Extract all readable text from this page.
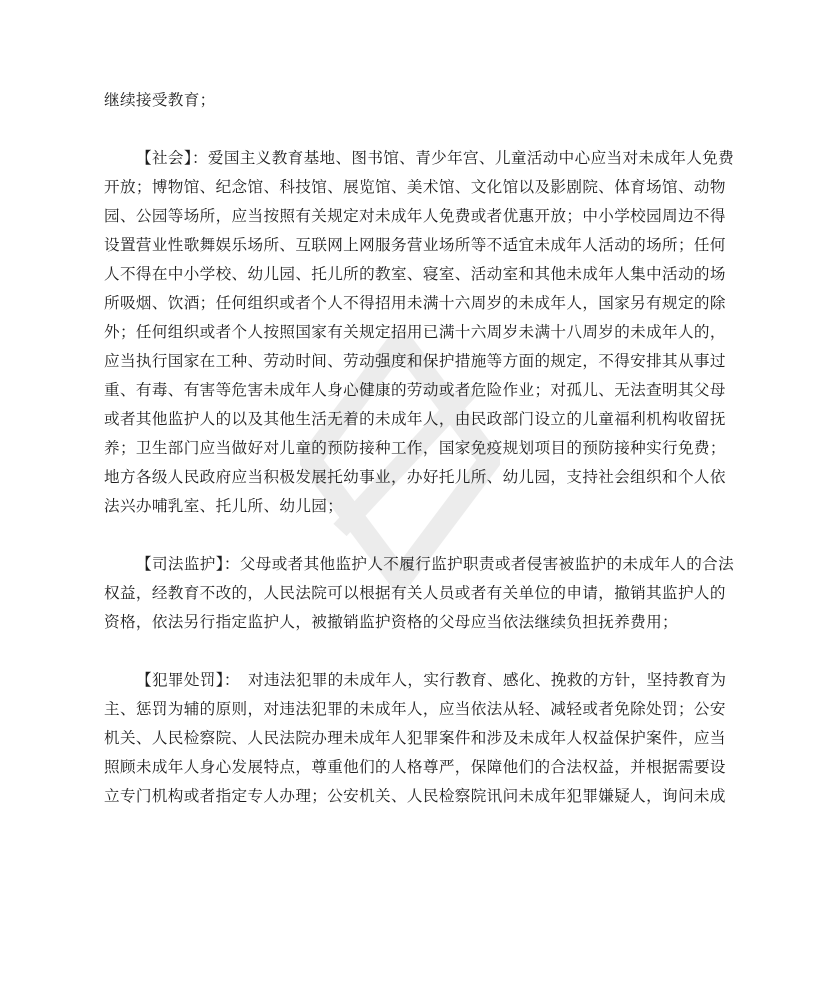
继续接受教育；
【社会】：爱国主义教育基地、图书馆、青少年宫、儿童活动中心应当对未成年人免费
开放；博物馆、纪念馆、科技馆、展览馆、美术馆、文化馆以及影剧院、体育场馆、动物
园、公园等场所，应当按照有关规定对未成年人免费或者优惠开放；中小学校园周边不得
设置营业性歌舞娱乐场所、互联网上网服务营业场所等不适宜未成年人活动的场所；任何
人不得在中小学校、幼儿园、托儿所的教室、寝室、活动室和其他未成年人集中活动的场
所吸烟、饮酒；任何组织或者个人不得招用未满十六周岁的未成年人，国家另有规定的除
外；任何组织或者个人按照国家有关规定招用已满十六周岁未满十八周岁的未成年人的，
应当执行国家在工种、劳动时间、劳动强度和保护措施等方面的规定，不得安排其从事过
重、有毒、有害等危害未成年人身心健康的劳动或者危险作业；对孤儿、无法查明其父母
或者其他监护人的以及其他生活无着的未成年人，由民政部门设立的儿童福利机构收留抚
养；卫生部门应当做好对儿童的预防接种工作，国家免疫规划项目的预防接种实行免费；
地方各级人民政府应当积极发展托幼事业，办好托儿所、幼儿园，支持社会组织和个人依
法兴办哺乳室、托儿所、幼儿园；
【司法监护】：父母或者其他监护人不履行监护职责或者侵害被监护的未成年人的合法
权益，经教育不改的，人民法院可以根据有关人员或者有关单位的申请，撤销其监护人的
资格，依法另行指定监护人，被撤销监护资格的父母应当依法继续负担抚养费用；
【犯罪处罚】：　对违法犯罪的未成年人，实行教育、感化、挽救的方针，坚持教育为
主、惩罚为辅的原则，对违法犯罪的未成年人，应当依法从轻、减轻或者免除处罚；公安
机关、人民检察院、人民法院办理未成年人犯罪案件和涉及未成年人权益保护案件，应当
照顾未成年人身心发展特点，尊重他们的人格尊严，保障他们的合法权益，并根据需要设
立专门机构或者指定专人办理；公安机关、人民检察院讯问未成年犯罪嫌疑人，询问未成
